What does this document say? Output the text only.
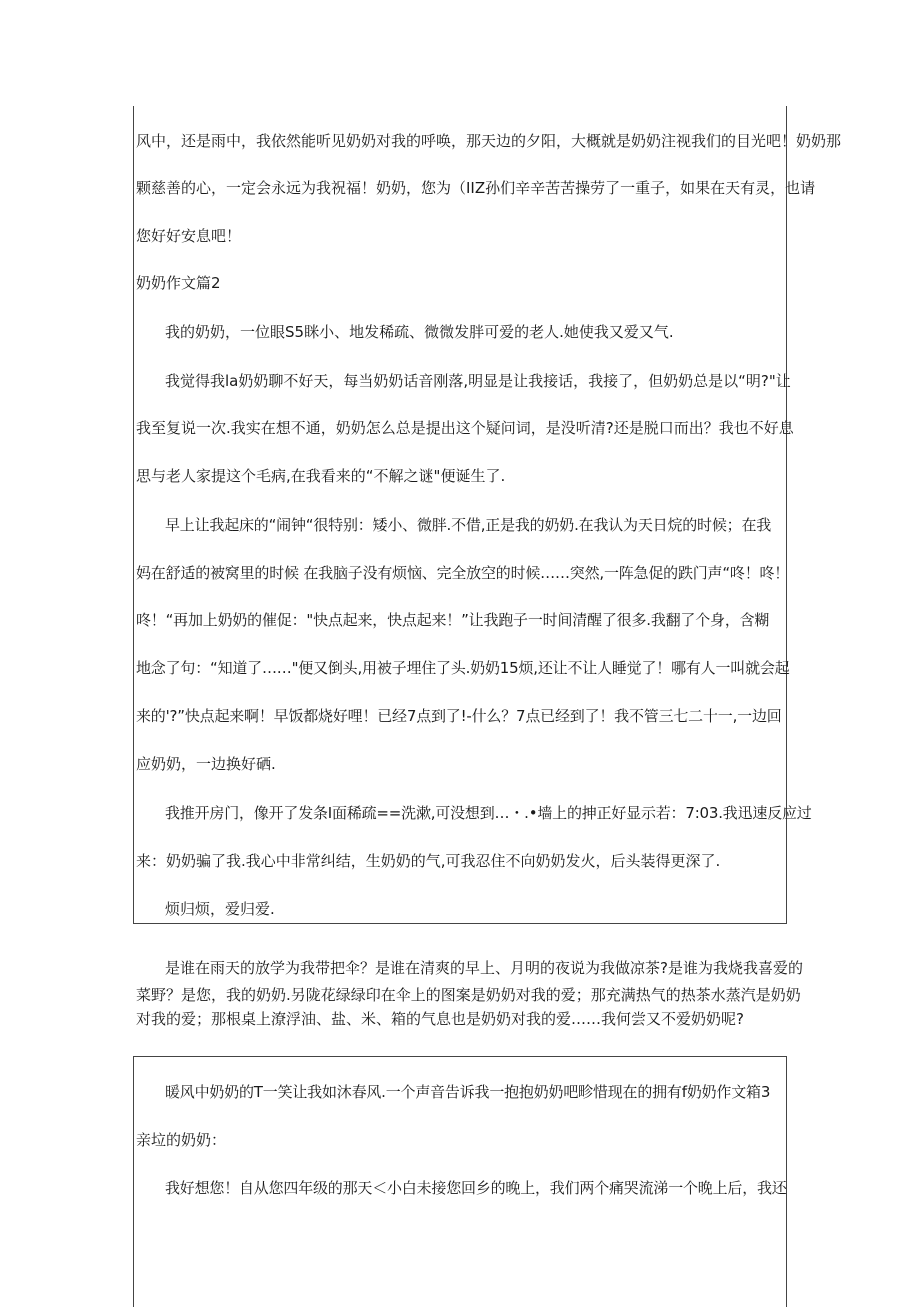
风中，还是雨中，我依然能听见奶奶对我的呼唤，那天边的夕阳，大概就是奶奶注视我们的目光吧！奶奶那
颗慈善的心，一定会永远为我祝福！奶奶，您为（IIZ孙们辛辛苦苦操劳了一重子，如果在天有灵，也请
您好好安息吧！
奶奶作文篇2
我的奶奶，一位眼S5眯小、地发稀疏、微微发胖可爱的老人.她使我又爱又气.
我觉得我la奶奶聊不好天，每当奶奶话音刚落,明显是让我接话，我接了，但奶奶总是以“明?"让
我至复说一次.我实在想不通，奶奶怎么总是提出这个疑问词，是没听清?还是脱口而出？我也不好息
思与老人家提这个毛病,在我看来的“不解之谜"便诞生了.
早上让我起床的“闹钟“很特别：矮小、微胖.不借,正是我的奶奶.在我认为天日烷的时候；在我
妈在舒适的被窝里的时候 在我脑子没有烦恼、完全放空的时候……突然,一阵急促的跌门声“咚！咚！
咚！“再加上奶奶的催促："快点起来，快点起来！”让我跑子一时间清醒了很多.我翻了个身，含糊
地念了句：“知道了……"便又倒头,用被子埋住了头.奶奶15烦,还让不让人睡觉了！哪有人一叫就会起
来的'?”快点起来啊！早饭都烧好哩！已经7点到了!-什么？7点已经到了！我不管三七二十一,一边回
应奶奶，一边换好硒.
我推开房门，像开了发条I面稀疏==洗漱,可没想到…・.•墙上的抻正好显示若：7:03.我迅速反应过
来：奶奶骗了我.我心中非常纠结，生奶奶的气,可我忍住不向奶奶发火，后头装得更深了.
烦归烦，爱归爱.
是谁在雨天的放学为我带把伞？是谁在清爽的早上、月明的夜说为我做凉茶?是谁为我烧我喜爱的
菜野？是您，我的奶奶.另陇花绿绿印在伞上的图案是奶奶对我的爱；那充满热气的热茶水蒸汽是奶奶
对我的爱；那根桌上潦浮油、盐、米、箱的气息也是奶奶对我的爱……我何尝又不爱奶奶呢?
暖风中奶奶的T一笑让我如沐春风.一个声音告诉我一抱抱奶奶吧畛惜现在的拥有f奶奶作文箱3
亲垃的奶奶：
我好想您！自从您四年级的那天＜小白未接您回乡的晚上，我们两个痛哭流涕一个晚上后，我还
